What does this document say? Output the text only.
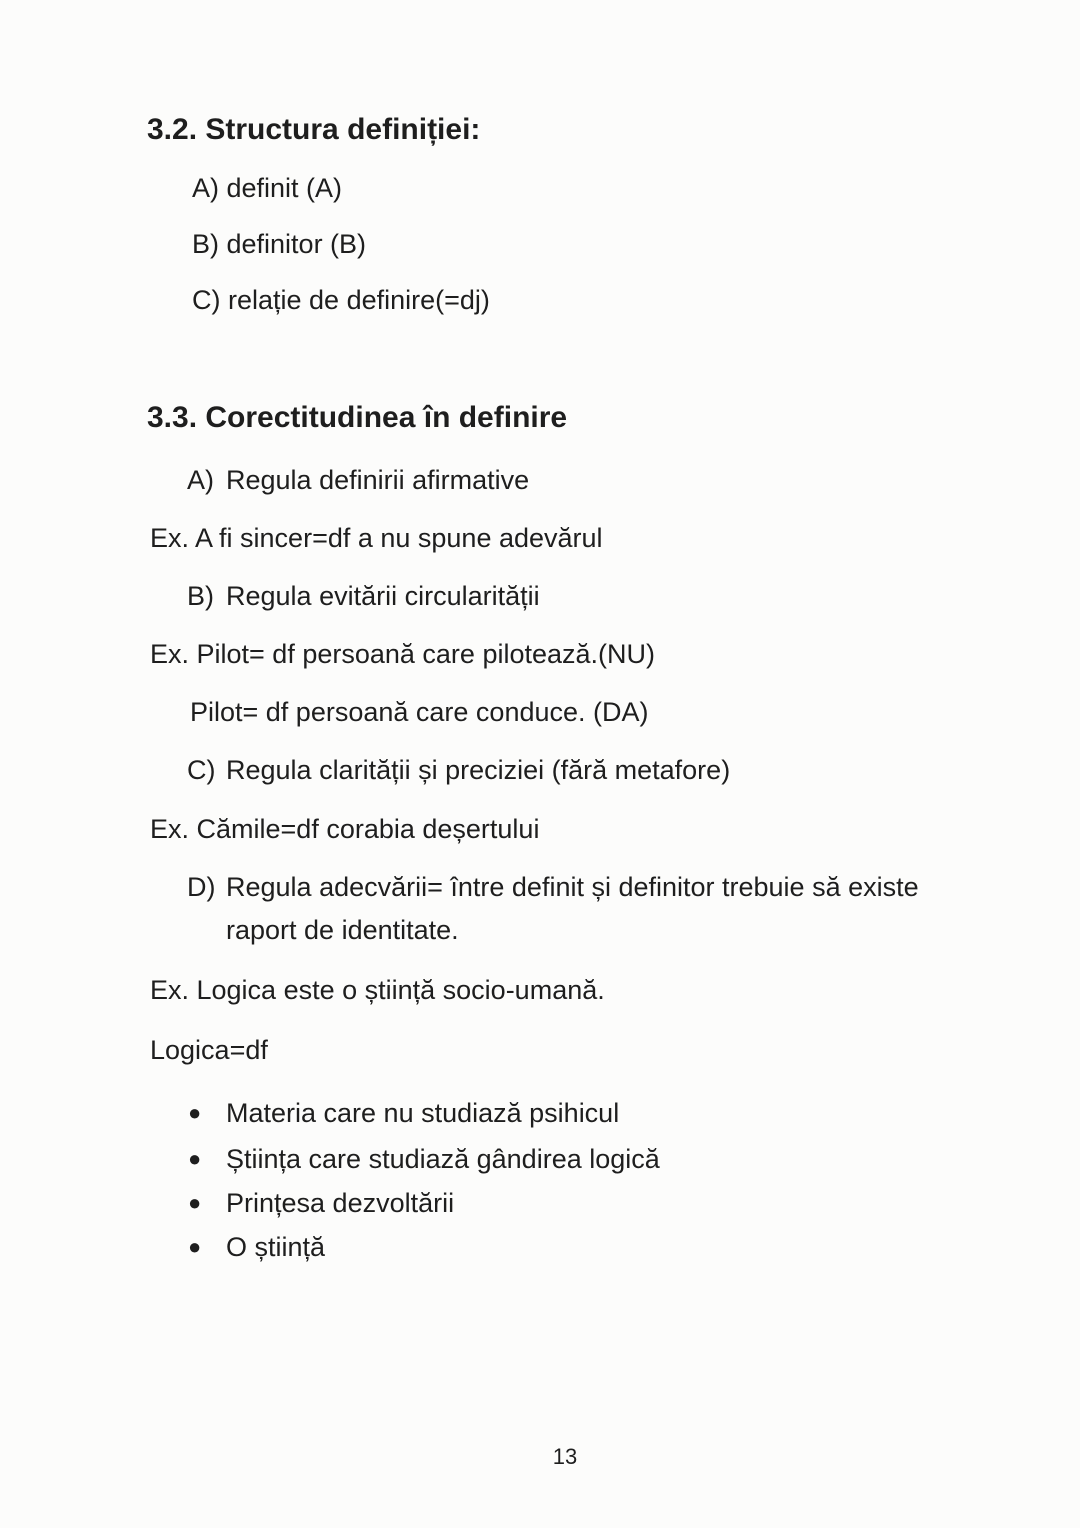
3.2. Structura definiției:
A) definit (A)
B) definitor (B)
C) relație de definire(=dj)
3.3. Corectitudinea în definire
A) Regula definirii afirmative
Ex. A fi sincer=df a nu spune adevărul
B) Regula evitării circularității
Ex. Pilot= df persoană care pilotează.(NU)
Pilot= df persoană care conduce. (DA)
C) Regula clarității și preciziei (fără metafore)
Ex. Cămile=df corabia deșertului
D) Regula adecvării= între definit și definitor trebuie să existe
raport de identitate.
Ex. Logica este o știință socio-umană.
Logica=df
● Materia care nu studiază psihicul
● Știința care studiază gândirea logică
● Prințesa dezvoltării
● O știință
13
